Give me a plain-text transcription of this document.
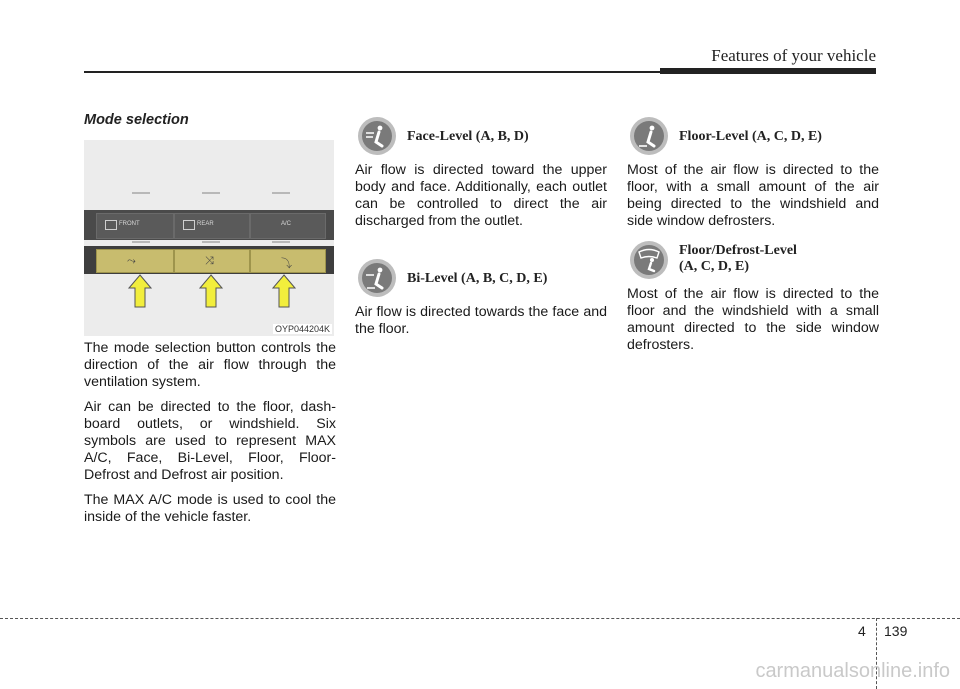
Features of your vehicle
Mode selection
FRONT	REAR	A/C
⤳	⤨	⤵
OYP044204K

The mode selection button controls the direction of the air flow through the ventilation system.

Air can be directed to the floor, dash-board outlets, or windshield. Six symbols are used to represent MAX A/C, Face, Bi-Level, Floor, Floor-Defrost and Defrost air position.

The MAX A/C mode is used to cool the inside of the vehicle faster.

Face-Level (A, B, D)

Air flow is directed toward the upper body and face. Additionally, each outlet can be controlled to direct the air discharged from the outlet.

Bi-Level (A, B, C, D, E)

Air flow is directed towards the face and the floor.

Floor-Level (A, C, D, E)

Most of the air flow is directed to the floor, with a small amount of the air being directed to the windshield and side window defrosters.

Floor/Defrost-Level
(A, C, D, E)

Most of the air flow is directed to the floor and the windshield with a small amount directed to the side window defrosters.

4 139
carmanualsonline.info
